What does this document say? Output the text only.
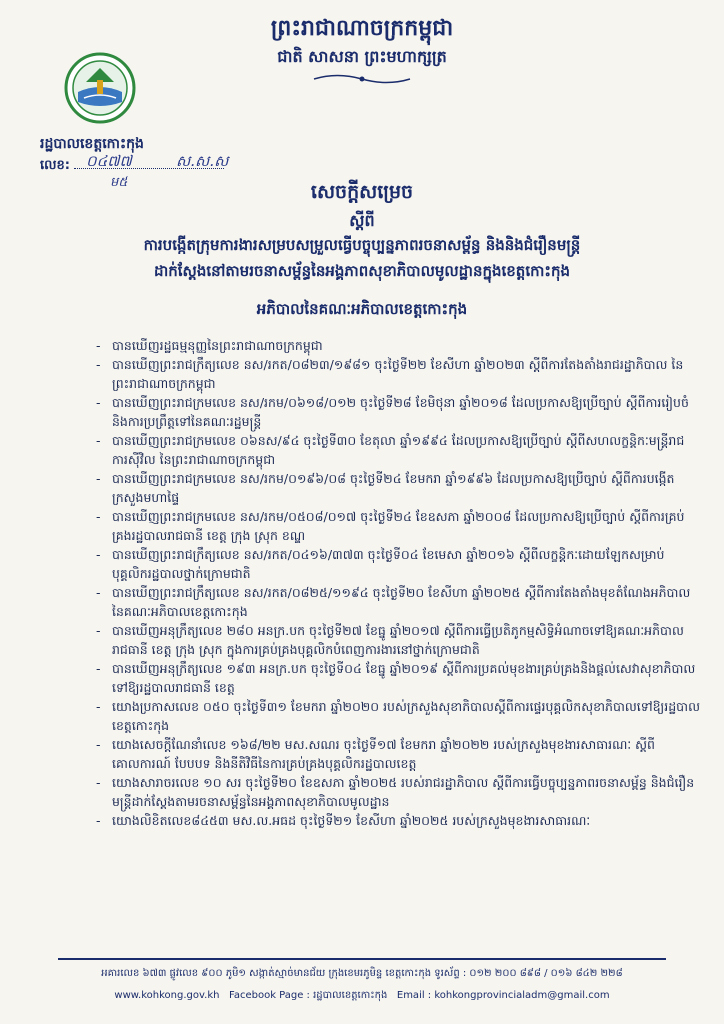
ព្រះរាជាណាចក្រកម្ពុជា
ជាតិ សាសនា ព្រះមហាក្សត្រ
រដ្ឋបាលខេត្តកោះកុង
លេខ:	០៤៧៧	ស.ស.ស
ម៥	សេចក្ដីសម្រេច
ស្ដីពី
ការបង្កើតក្រុមការងារសម្របសម្រួលធ្វើបច្ចុប្បន្នភាពរចនាសម្ព័ន្ធ និងនិងជំរឿនមន្ត្រី
ដាក់ស្តែងនៅតាមរចនាសម្ព័ន្ធនៃអង្គភាពសុខាភិបាលមូលដ្ឋានក្នុងខេត្តកោះកុង
អភិបាលនៃគណៈអភិបាលខេត្តកោះកុង
- បានឃើញរដ្ឋធម្មនុញ្ញនៃព្រះរាជាណាចក្រកម្ពុជា
- បានឃើញព្រះរាជក្រឹត្យលេខ នស/រកត/០៨២៣/១៩៨១ ចុះថ្ងៃទី២២ ខែសីហា ឆ្នាំ២០២៣ ស្ដីពីការតែងតាំងរាជរដ្ឋាភិបាល នៃព្រះរាជាណាចក្រកម្ពុជា
- បានឃើញព្រះរាជក្រមលេខ នស/រកម/០៦១៨/០១២ ចុះថ្ងៃទី២៨ ខែមិថុនា ឆ្នាំ២០១៨ ដែលប្រកាសឱ្យប្រើច្បាប់ ស្ដីពីការរៀបចំ និងការប្រព្រឹត្តទៅនៃគណៈរដ្ឋមន្ត្រី
- បានឃើញព្រះរាជក្រមលេខ ០៦នស/៩៤ ចុះថ្ងៃទី៣០ ខែតុលា ឆ្នាំ១៩៩៤ ដែលប្រកាសឱ្យប្រើច្បាប់ ស្ដីពីសហលក្ខន្តិកៈមន្ត្រីរាជការស៊ីវិល នៃព្រះរាជាណាចក្រកម្ពុជា
- បានឃើញព្រះរាជក្រមលេខ នស/រកម/០១៩៦/០៨ ចុះថ្ងៃទី២៤ ខែមករា ឆ្នាំ១៩៩៦ ដែលប្រកាសឱ្យប្រើច្បាប់ ស្ដីពីការបង្កើតក្រសួងមហាផ្ទៃ
- បានឃើញព្រះរាជក្រមលេខ នស/រកម/០៥០៨/០១៧ ចុះថ្ងៃទី២៤ ខែឧសភា ឆ្នាំ២០០៨ ដែលប្រកាសឱ្យប្រើច្បាប់ ស្ដីពីការគ្រប់គ្រងរដ្ឋបាលរាជធានី ខេត្ត ក្រុង ស្រុក ខណ្ឌ
- បានឃើញព្រះរាជក្រឹត្យលេខ នស/រកត/០៤១៦/៣៧៣ ចុះថ្ងៃទី០៤ ខែមេសា ឆ្នាំ២០១៦ ស្ដីពីលក្ខន្តិកៈដោយឡែកសម្រាប់បុគ្គលិករដ្ឋបាលថ្នាក់ក្រោមជាតិ
- បានឃើញព្រះរាជក្រឹត្យលេខ នស/រកត/០៨២៥/១១៩៤ ចុះថ្ងៃទី២០ ខែសីហា ឆ្នាំ២០២៥ ស្ដីពីការតែងតាំងមុខតំណែងអភិបាល នៃគណៈអភិបាលខេត្តកោះកុង
- បានឃើញអនុក្រឹត្យលេខ ២៨០ អនក្រ.បក ចុះថ្ងៃទី២៧ ខែធ្នូ ឆ្នាំ២០១៧ ស្ដីពីការធ្វើប្រតិភូកម្មសិទ្ធិអំណាចទៅឱ្យគណៈអភិបាលរាជធានី ខេត្ត ក្រុង ស្រុក ក្នុងការគ្រប់គ្រងបុគ្គលិកបំពេញការងារនៅថ្នាក់ក្រោមជាតិ
- បានឃើញអនុក្រឹត្យលេខ ១៩៣ អនក្រ.បក ចុះថ្ងៃទី០៤ ខែធ្នូ ឆ្នាំ២០១៩ ស្ដីពីការប្រគល់មុខងារគ្រប់គ្រងនិងផ្ដល់សេវាសុខាភិបាលទៅឱ្យរដ្ឋបាលរាជធានី ខេត្ត
- យោងប្រកាសលេខ ០៥០ ចុះថ្ងៃទី៣១ ខែមករា ឆ្នាំ២០២០ របស់ក្រសួងសុខាភិបាលស្ដីពីការផ្ទេរបុគ្គលិកសុខាភិបាលទៅឱ្យរដ្ឋបាលខេត្តកោះកុង
- យោងសេចក្ដីណែនាំលេខ ១៦៨/២២ មស.សណរ ចុះថ្ងៃទី១៧ ខែមករា ឆ្នាំ២០២២ របស់ក្រសួងមុខងារសាធារណៈ ស្ដីពីគោលការណ៍ បែបបទ និងនីតិវិធីនៃការគ្រប់គ្រងបុគ្គលិករដ្ឋបាលខេត្ត
- យោងសារាចរលេខ ១០ សរ ចុះថ្ងៃទី២០ ខែឧសភា ឆ្នាំ២០២៥ របស់រាជរដ្ឋាភិបាល ស្ដីពីការធ្វើបច្ចុប្បន្នភាពរចនាសម្ព័ន្ធ និងជំរឿនមន្ត្រីដាក់ស្តែងតាមរចនាសម្ព័ន្ធនៃអង្គភាពសុខាភិបាលមូលដ្ឋាន
- យោងលិខិតលេខ៨៤៥៣ មស.ល.អធដ ចុះថ្ងៃទី២១ ខែសីហា ឆ្នាំ២០២៥ របស់ក្រសួងមុខងារសាធារណៈ
អគារលេខ ៦៧៣ ផ្លូវលេខ ៩០០ ភូមិ១ សង្កាត់ស្មាច់មានជ័យ ក្រុងខេមរភូមិន្ទ ខេត្តកោះកុង ទូរស័ព្ទ : ០១២ ២០០ ៨៩៨ / ០១៦ ៨៤២ ២២៨
www.kohkong.gov.kh Facebook Page : រដ្ឋបាលខេត្តកោះកុង Email : kohkongprovincialadm@gmail.com
